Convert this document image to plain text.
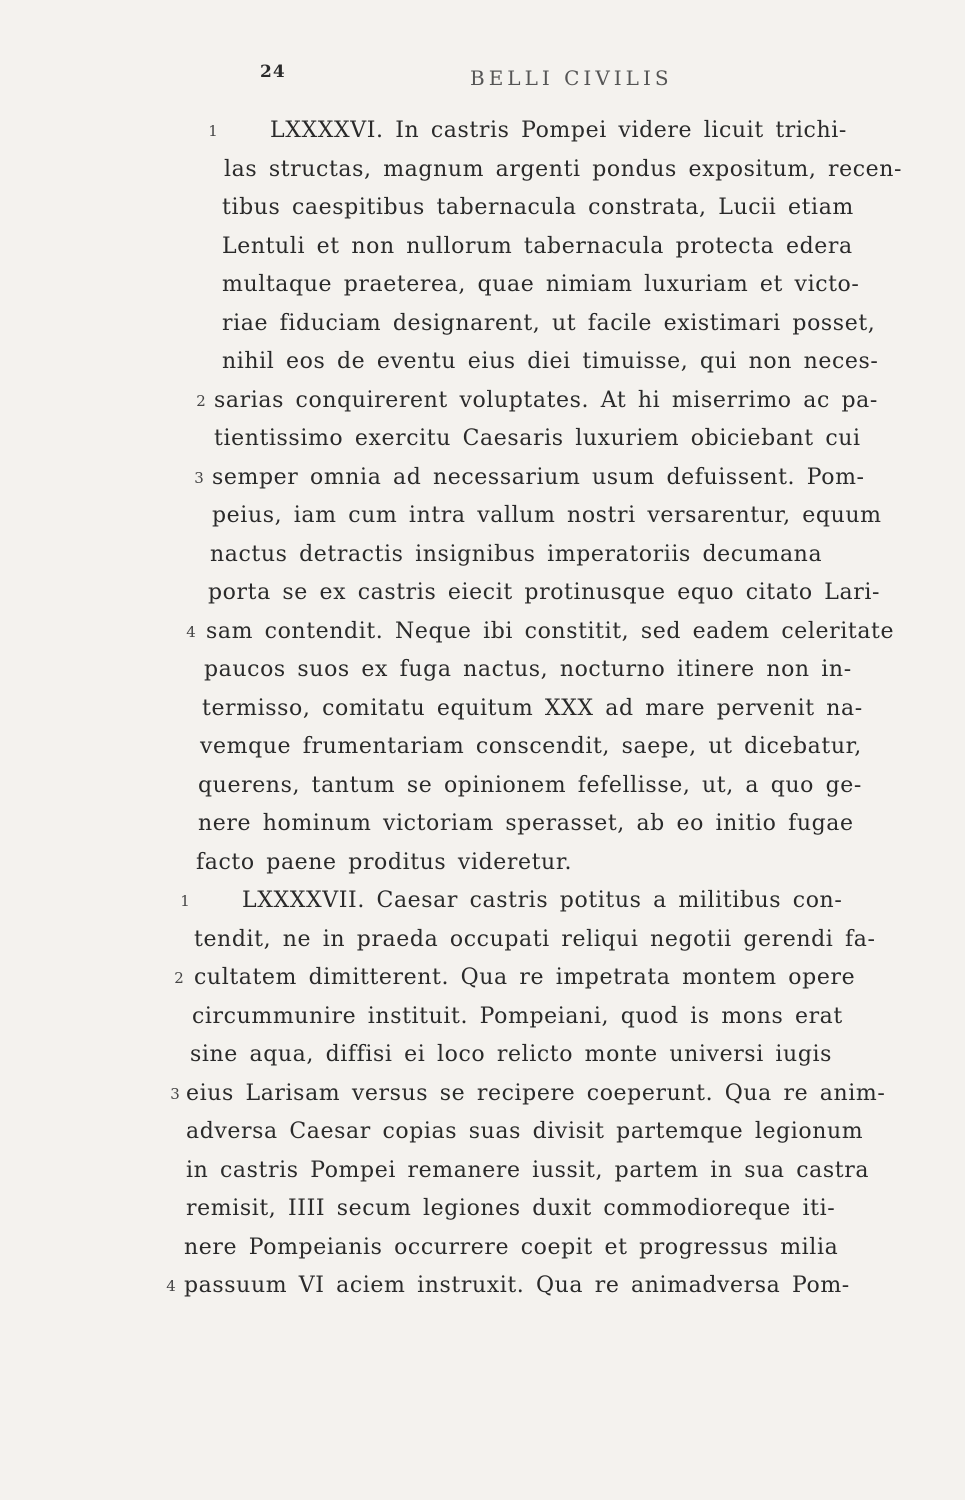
24	BELLI CIVILIS
1	LXXXXVI. In castris Pompei videre licuit trichi-
las structas, magnum argenti pondus expositum, recen-
tibus caespitibus tabernacula constrata, Lucii etiam
Lentuli et non nullorum tabernacula protecta edera
multaque praeterea, quae nimiam luxuriam et victo-
riae fiduciam designarent, ut facile existimari posset,
nihil eos de eventu eius diei timuisse, qui non neces-
2 sarias conquirerent voluptates. At hi miserrimo ac pa-
tientissimo exercitu Caesaris luxuriem obiciebant cui
3 semper omnia ad necessarium usum defuissent. Pom-
peius, iam cum intra vallum nostri versarentur, equum
nactus detractis insignibus imperatoriis decumana
porta se ex castris eiecit protinusque equo citato Lari-
4 sam contendit. Neque ibi constitit, sed eadem celeritate
paucos suos ex fuga nactus, nocturno itinere non in-
termisso, comitatu equitum XXX ad mare pervenit na-
vemque frumentariam conscendit, saepe, ut dicebatur,
querens, tantum se opinionem fefellisse, ut, a quo ge-
nere hominum victoriam sperasset, ab eo initio fugae
facto paene proditus videretur.
1	LXXXXVII. Caesar castris potitus a militibus con-
tendit, ne in praeda occupati reliqui negotii gerendi fa-
2 cultatem dimitterent. Qua re impetrata montem opere
circummunire instituit. Pompeiani, quod is mons erat
sine aqua, diffisi ei loco relicto monte universi iugis
3 eius Larisam versus se recipere coeperunt. Qua re anim-
adversa Caesar copias suas divisit partemque legionum
in castris Pompei remanere iussit, partem in sua castra
remisit, IIII secum legiones duxit commodioreque iti-
nere Pompeianis occurrere coepit et progressus milia
4 passuum VI aciem instruxit. Qua re animadversa Pom-
